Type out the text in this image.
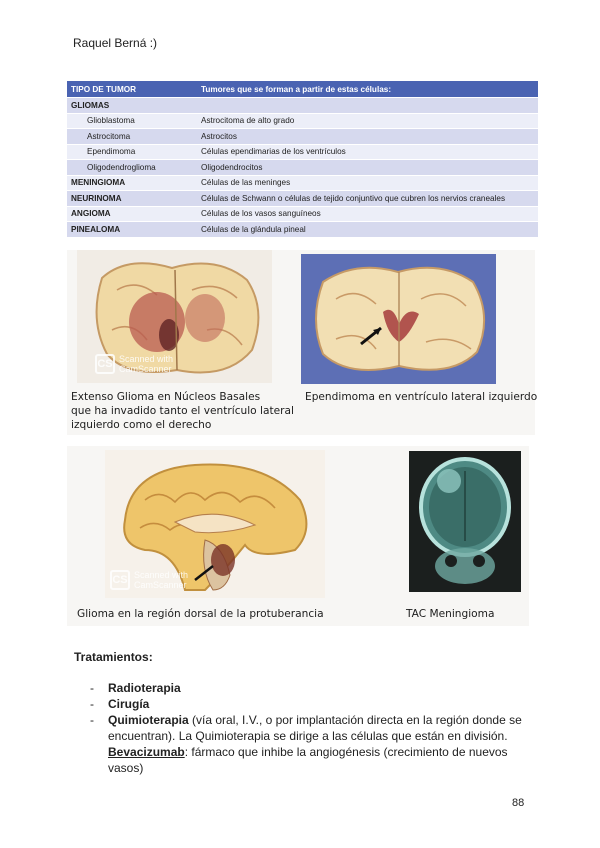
Raquel Berná :)
TIPO DE TUMOR	Tumores que se forman a partir de estas células:
GLIOMAS	
Glioblastoma	Astrocitoma de alto grado
Astrocitoma	Astrocitos
Ependimoma	Células ependimarias de los ventrículos
Oligodendroglioma	Oligodendrocitos
MENINGIOMA	Células de las meninges
NEURINOMA	Células de Schwann o células de tejido conjuntivo que cubren los nervios craneales
ANGIOMA	Células de los vasos sanguíneos
PINEALOMA	Células de la glándula pineal
CS Scanned with
CamScanner
Extenso Glioma en Núcleos Basales
que ha invadido tanto el ventrículo lateral
izquierdo como el derecho
Ependimoma en ventrículo lateral izquierdo
CS Scanned with
CamScanner
Glioma en la región dorsal de la protuberancia	TAC Meningioma
Tratamientos:
-	Radioterapia
-	Cirugía
-	Quimioterapia (vía oral, I.V., o por implantación directa en la región donde se encuentran). La Quimioterapia se dirige a las células que están en división.
Bevacizumab: fármaco que inhibe la angiogénesis (crecimiento de nuevos vasos)
88
